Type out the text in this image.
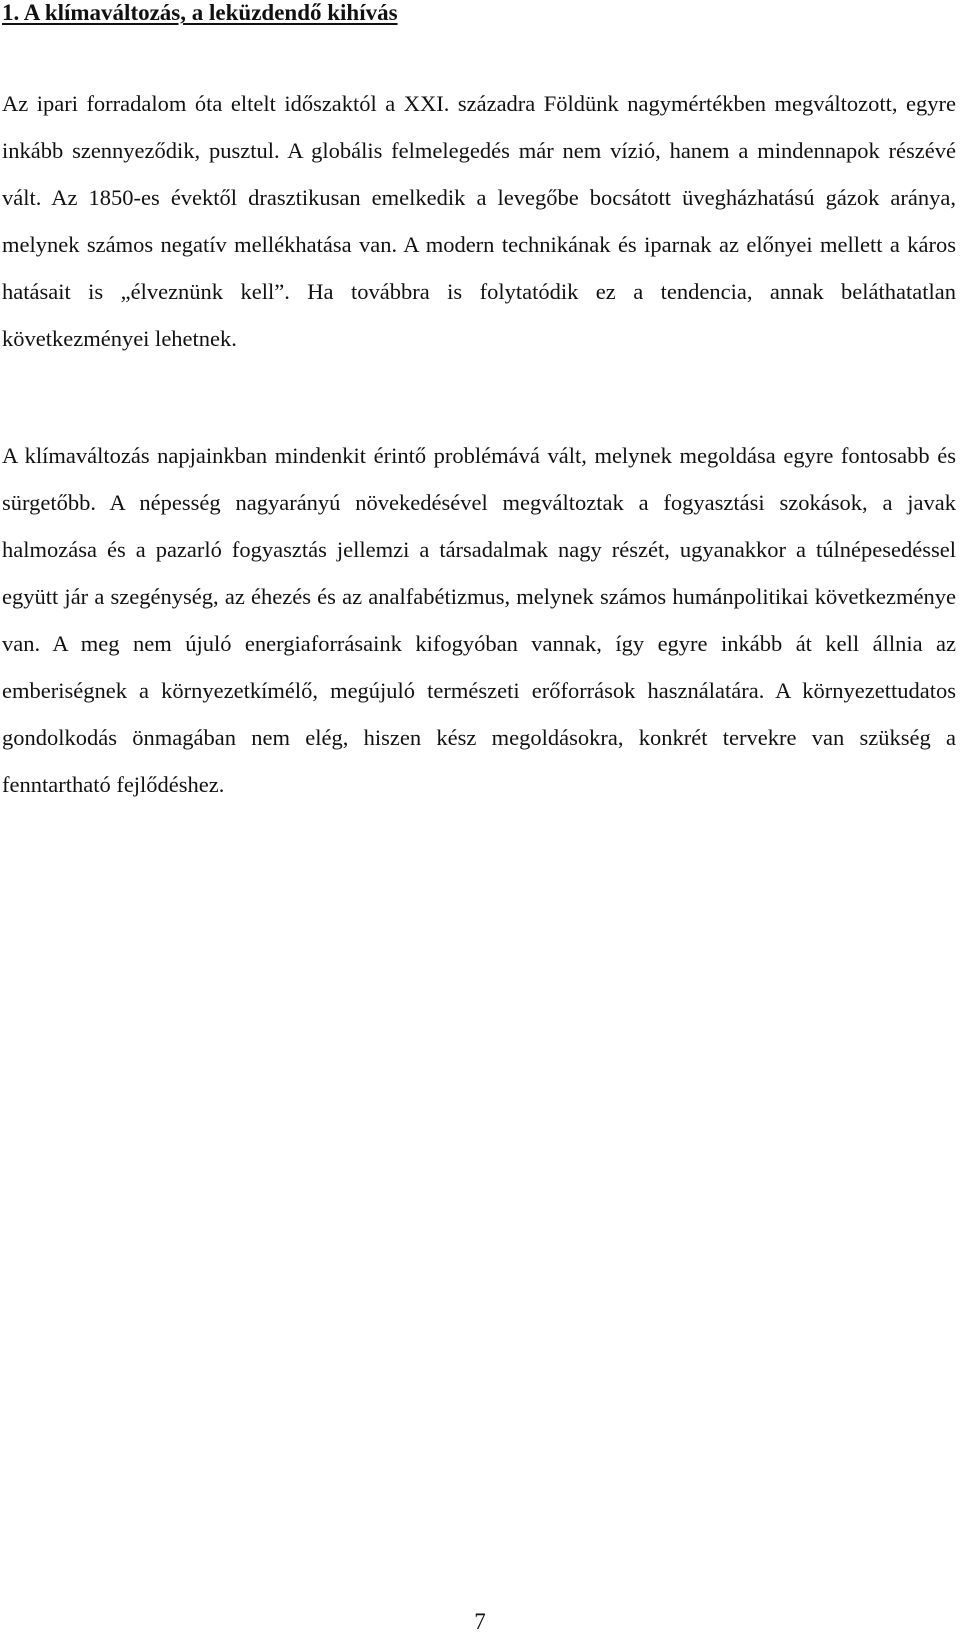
1. A klímaváltozás, a leküzdendő kihívás

Az ipari forradalom óta eltelt időszaktól a XXI. századra Földünk nagymértékben megváltozott, egyre inkább szennyeződik, pusztul. A globális felmelegedés már nem vízió, hanem a mindennapok részévé vált. Az 1850-es évektől drasztikusan emelkedik a levegőbe bocsátott üvegházhatású gázok aránya, melynek számos negatív mellékhatása van. A modern technikának és iparnak az előnyei mellett a káros hatásait is „élveznünk kell”. Ha továbbra is folytatódik ez a tendencia, annak beláthatatlan következményei lehetnek.

A klímaváltozás napjainkban mindenkit érintő problémává vált, melynek megoldása egyre fontosabb és sürgetőbb. A népesség nagyarányú növekedésével megváltoztak a fogyasztási szokások, a javak halmozása és a pazarló fogyasztás jellemzi a társadalmak nagy részét, ugyanakkor a túlnépesedéssel együtt jár a szegénység, az éhezés és az analfabétizmus, melynek számos humánpolitikai következménye van. A meg nem újuló energiaforrásaink kifogyóban vannak, így egyre inkább át kell állnia az emberiségnek a környezetkímélő, megújuló természeti erőforrások használatára. A környezettudatos gondolkodás önmagában nem elég, hiszen kész megoldásokra, konkrét tervekre van szükség a fenntartható fejlődéshez.

7
